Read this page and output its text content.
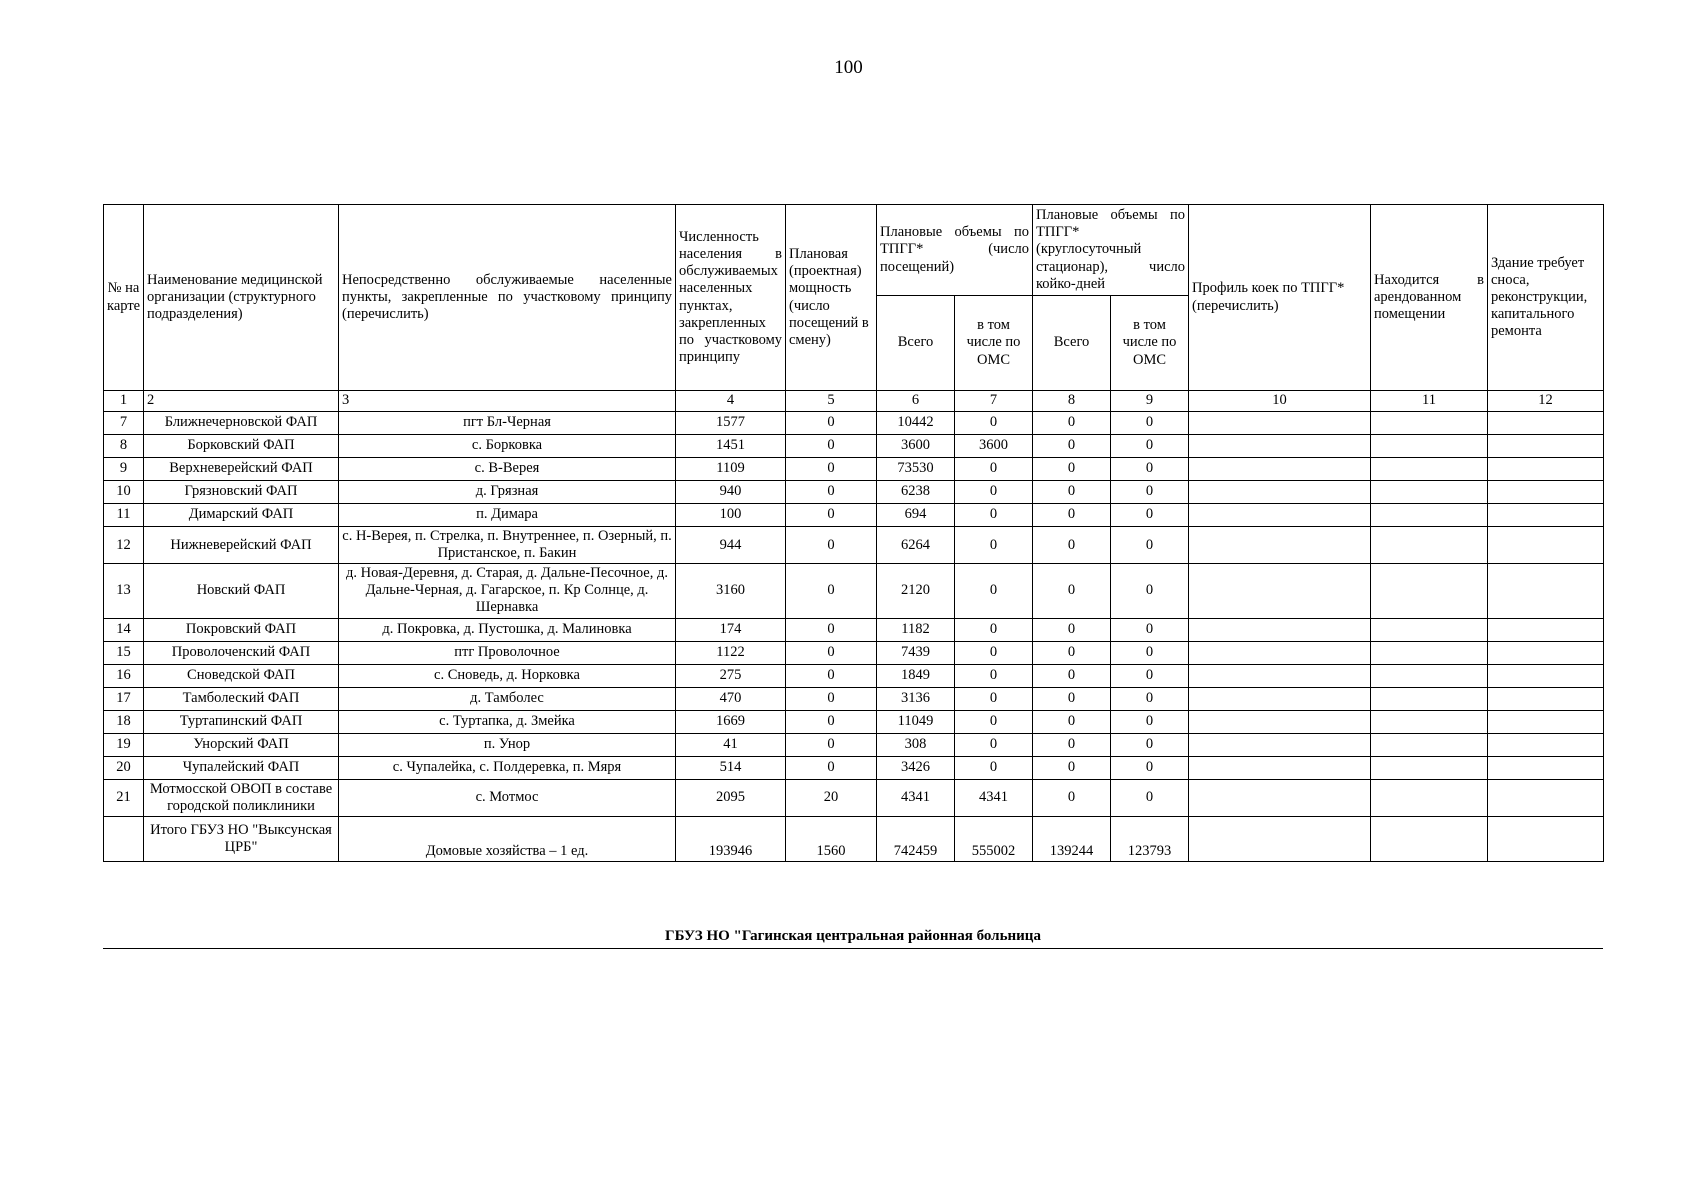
100
№ на карте	Наименование медицинской организации (структурного подразделения)	Непосредственно обслуживаемые населенные пункты, закрепленные по участковому принципу (перечислить)	Численность населения в обслуживаемых населенных пунктах, закрепленных по участковому принципу	Плановая (проектная) мощность (число посещений в смену)	Плановые объемы по ТПГГ* (число посещений)		Плановые объемы по ТПГГ* (круглосуточный стационар), число койко-дней		Профиль коек по ТПГГ* (перечислить)	Находится в арендованном помещении	Здание требует сноса, реконструкции, капитального ремонта
					Всего	в том числе по ОМС	Всего	в том числе по ОМС			
1	2	3	4	5	6	7	8	9	10	11	12
7	Ближнечерновской ФАП	пгт Бл-Черная	1577	0	10442	0	0	0			
8	Борковский ФАП	с. Борковка	1451	0	3600	3600	0	0			
9	Верхневерейский ФАП	с. В-Верея	1109	0	73530	0	0	0			
10	Грязновский ФАП	д. Грязная	940	0	6238	0	0	0			
11	Димарский ФАП	п. Димара	100	0	694	0	0	0			
12	Нижневерейский ФАП	с. Н-Верея, п. Стрелка, п. Внутреннее, п. Озерный, п. Пристанское, п. Бакин	944	0	6264	0	0	0			
13	Новский ФАП	д. Новая-Деревня, д. Старая, д. Дальне-Песочное, д. Дальне-Черная, д. Гагарское, п. Кр Солнце, д. Шернавка	3160	0	2120	0	0	0			
14	Покровский ФАП	д. Покровка, д. Пустошка, д. Малиновка	174	0	1182	0	0	0			
15	Проволоченский ФАП	птг Проволочное	1122	0	7439	0	0	0			
16	Сноведской ФАП	с. Сноведь, д. Норковка	275	0	1849	0	0	0			
17	Тамболеский ФАП	д. Тамболес	470	0	3136	0	0	0			
18	Туртапинский ФАП	с. Туртапка, д. Змейка	1669	0	11049	0	0	0			
19	Унорский ФАП	п. Унор	41	0	308	0	0	0			
20	Чупалейский ФАП	с. Чупалейка, с. Полдеревка, п. Мяря	514	0	3426	0	0	0			
21	Мотмосской ОВОП в составе городской поликлиники	с. Мотмос	2095	20	4341	4341	0	0			
	Итого ГБУЗ НО "Выксунская ЦРБ"	Домовые хозяйства – 1 ед.	193946	1560	742459	555002	139244	123793			
ГБУЗ НО "Гагинская центральная районная больница
